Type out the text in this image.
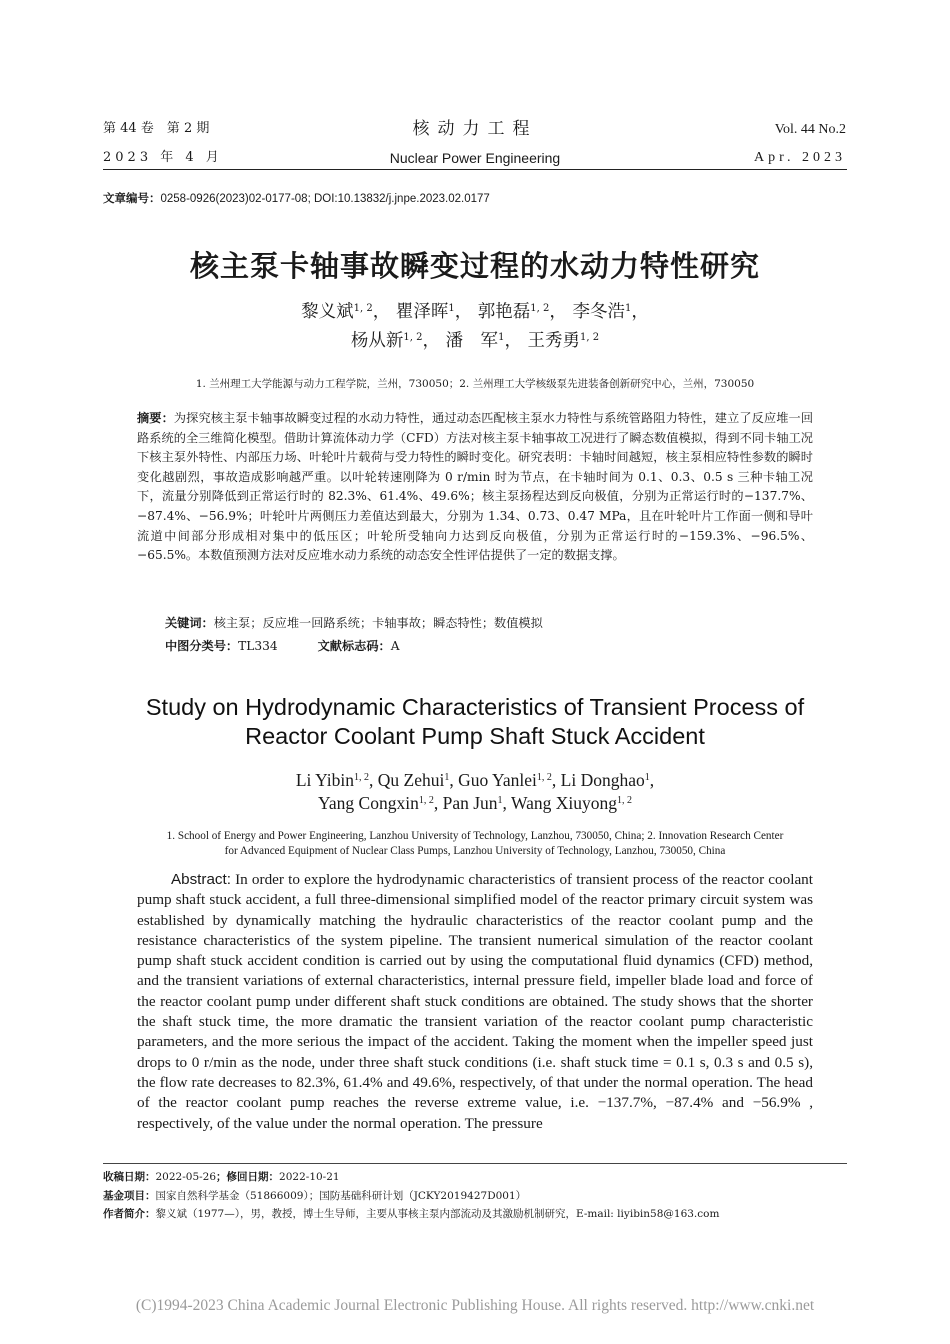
第 44 卷　第 2 期
2023 年 4 月
核动力工程
Nuclear Power Engineering
Vol. 44 No.2
Apr. 2023
文章编号：0258-0926(2023)02-0177-08; DOI:10.13832/j.jnpe.2023.02.0177
核主泵卡轴事故瞬变过程的水动力特性研究
黎义斌$^{1, 2}$， 瞿泽晖$^1$， 郭艳磊$^{1, 2}$， 李冬浩$^1$，
杨从新$^{1, 2}$， 潘　军$^1$， 王秀勇$^{1, 2}$
1. 兰州理工大学能源与动力工程学院，兰州，730050；2. 兰州理工大学核级泵先进装备创新研究中心，兰州，730050
摘要：为探究核主泵卡轴事故瞬变过程的水动力特性，通过动态匹配核主泵水力特性与系统管路阻力特性，建立了反应堆一回路系统的全三维简化模型。借助计算流体动力学（CFD）方法对核主泵卡轴事故工况进行了瞬态数值模拟，得到不同卡轴工况下核主泵外特性、内部压力场、叶轮叶片载荷与受力特性的瞬时变化。研究表明：卡轴时间越短，核主泵相应特性参数的瞬时变化越剧烈，事故造成影响越严重。以叶轮转速刚降为 0 r/min 时为节点，在卡轴时间为 0.1、0.3、0.5 s 三种卡轴工况下，流量分别降低到正常运行时的 82.3%、61.4%、49.6%；核主泵扬程达到反向极值，分别为正常运行时的−137.7%、−87.4%、−56.9%；叶轮叶片两侧压力差值达到最大，分别为 1.34、0.73、0.47 MPa，且在叶轮叶片工作面一侧和导叶流道中间部分形成相对集中的低压区；叶轮所受轴向力达到反向极值，分别为正常运行时的−159.3%、−96.5%、−65.5%。本数值预测方法对反应堆水动力系统的动态安全性评估提供了一定的数据支撑。
关键词：核主泵；反应堆一回路系统；卡轴事故；瞬态特性；数值模拟
中图分类号：TL334	文献标志码：A
Study on Hydrodynamic Characteristics of Transient Process of
Reactor Coolant Pump Shaft Stuck Accident
Li Yibin$^{1, 2}$, Qu Zehui$^1$, Guo Yanlei$^{1, 2}$, Li Donghao$^1$,
Yang Congxin$^{1, 2}$, Pan Jun$^1$, Wang Xiuyong$^{1, 2}$
1. School of Energy and Power Engineering, Lanzhou University of Technology, Lanzhou, 730050, China; 2. Innovation Research Center
for Advanced Equipment of Nuclear Class Pumps, Lanzhou University of Technology, Lanzhou, 730050, China
Abstract: In order to explore the hydrodynamic characteristics of transient process of the reactor coolant pump shaft stuck accident, a full three-dimensional simplified model of the reactor primary circuit system was established by dynamically matching the hydraulic characteristics of the reactor coolant pump and the resistance characteristics of the system pipeline. The transient numerical simulation of the reactor coolant pump shaft stuck accident condition is carried out by using the computational fluid dynamics (CFD) method, and the transient variations of external characteristics, internal pressure field, impeller blade load and force of the reactor coolant pump under different shaft stuck conditions are obtained. The study shows that the shorter the shaft stuck time, the more dramatic the transient variation of the reactor coolant pump characteristic parameters, and the more serious the impact of the accident. Taking the moment when the impeller speed just drops to 0 r/min as the node, under three shaft stuck conditions (i.e. shaft stuck time = 0.1 s, 0.3 s and 0.5 s), the flow rate decreases to 82.3%, 61.4% and 49.6%, respectively, of that under the normal operation. The head of the reactor coolant pump reaches the reverse extreme value, i.e. −137.7%, −87.4% and −56.9% , respectively, of the value under the normal operation. The pressure
收稿日期：2022-05-26；修回日期：2022-10-21
基金项目：国家自然科学基金（51866009）；国防基础科研计划（JCKY2019427D001）
作者简介：黎义斌（1977—），男，教授，博士生导师，主要从事核主泵内部流动及其激励机制研究，E-mail: liyibin58@163.com
(C)1994-2023 China Academic Journal Electronic Publishing House. All rights reserved. http://www.cnki.net
